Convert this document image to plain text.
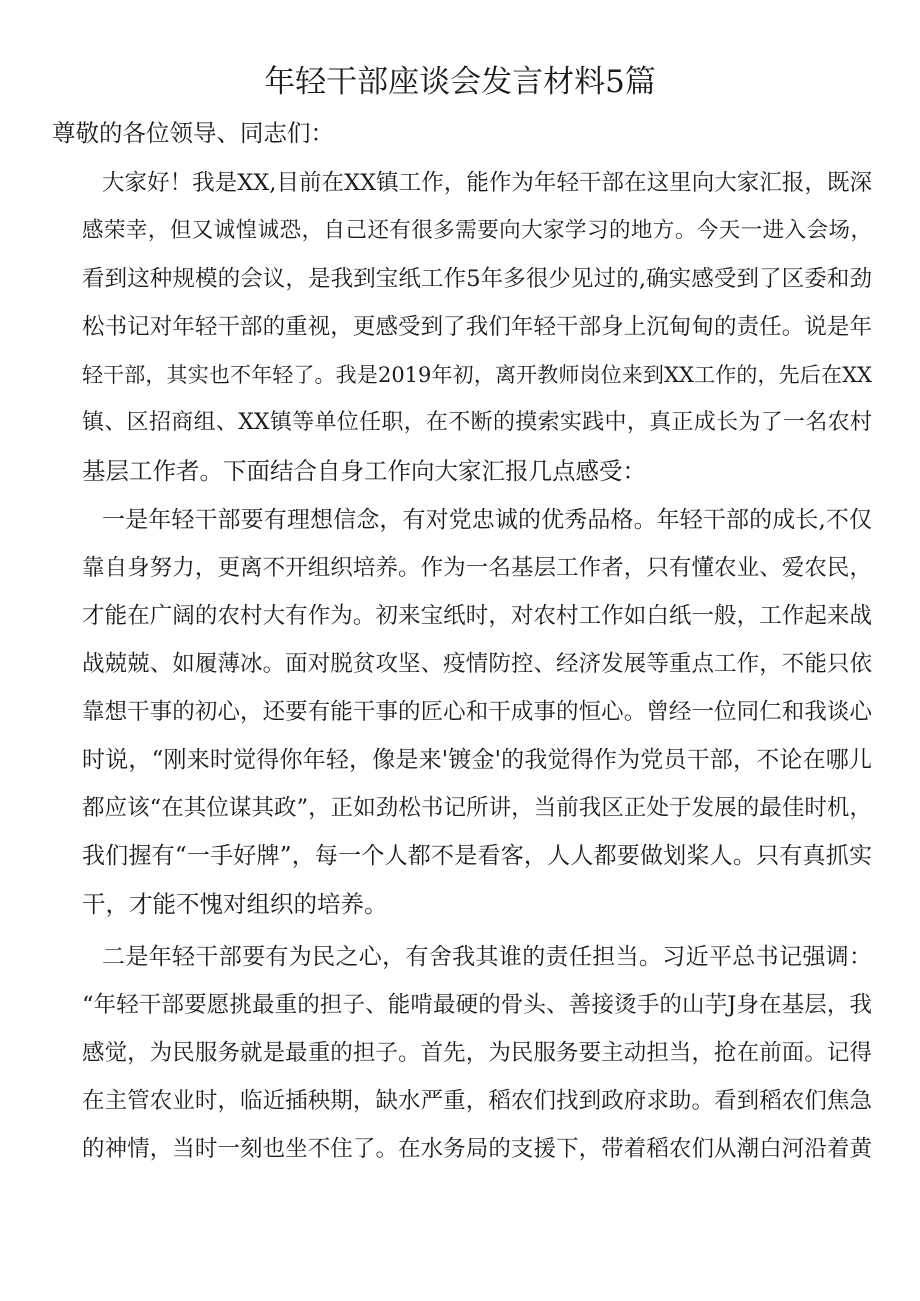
年轻干部座谈会发言材料5篇
尊敬的各位领导、同志们：
大家好！我是XX,目前在XX镇工作，能作为年轻干部在这里向大家汇报，既深
感荣幸，但又诚惶诚恐，自己还有很多需要向大家学习的地方。今天一进入会场，
看到这种规模的会议，是我到宝纸工作5年多很少见过的,确实感受到了区委和劲
松书记对年轻干部的重视，更感受到了我们年轻干部身上沉甸甸的责任。说是年
轻干部，其实也不年轻了。我是2019年初，离开教师岗位来到XX工作的，先后在XX
镇、区招商组、XX镇等单位任职，在不断的摸索实践中，真正成长为了一名农村
基层工作者。下面结合自身工作向大家汇报几点感受：
一是年轻干部要有理想信念，有对党忠诚的优秀品格。年轻干部的成长,不仅
靠自身努力，更离不开组织培养。作为一名基层工作者，只有懂农业、爱农民，
才能在广阔的农村大有作为。初来宝纸时，对农村工作如白纸一般，工作起来战
战兢兢、如履薄冰。面对脱贫攻坚、疫情防控、经济发展等重点工作，不能只依
靠想干事的初心，还要有能干事的匠心和干成事的恒心。曾经一位同仁和我谈心
时说，“刚来时觉得你年轻，像是来'镀金'的我觉得作为党员干部，不论在哪儿
都应该“在其位谋其政”，正如劲松书记所讲，当前我区正处于发展的最佳时机，
我们握有“一手好牌”，每一个人都不是看客，人人都要做划桨人。只有真抓实
干，才能不愧对组织的培养。
二是年轻干部要有为民之心，有舍我其谁的责任担当。习近平总书记强调：
“年轻干部要愿挑最重的担子、能啃最硬的骨头、善接烫手的山芋J身在基层，我
感觉，为民服务就是最重的担子。首先，为民服务要主动担当，抢在前面。记得
在主管农业时，临近插秧期，缺水严重，稻农们找到政府求助。看到稻农们焦急
的神情，当时一刻也坐不住了。在水务局的支援下，带着稻农们从潮白河沿着黄
